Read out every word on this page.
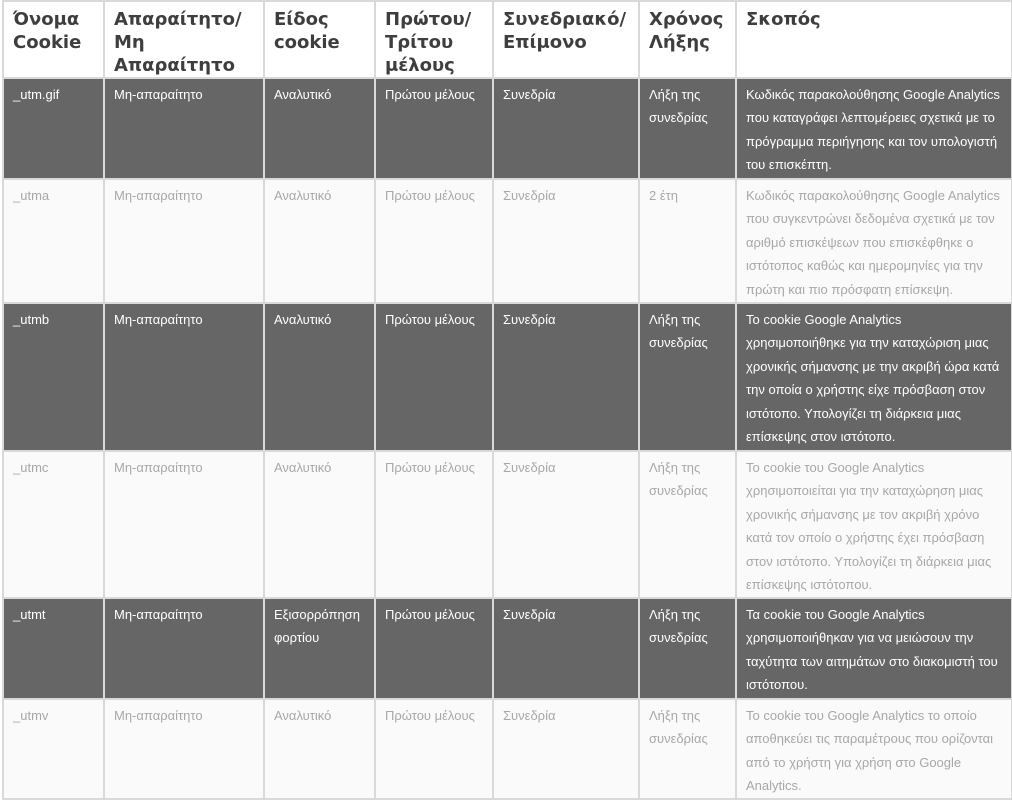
Όνομα Cookie	Απαραίτητο/ Μη Απαραίτητο	Είδος cookie	Πρώτου/ Τρίτου μέλους	Συνεδριακό/ Επίμονο	Χρόνος Λήξης	Σκοπός
_utm.gif	Μη-απαραίτητο	Αναλυτικό	Πρώτου μέλους	Συνεδρία	Λήξη της συνεδρίας	Κωδικός παρακολούθησης Google Analytics που καταγράφει λεπτομέρειες σχετικά με το πρόγραμμα περιήγησης και τον υπολογιστή του επισκέπτη.
_utma	Μη-απαραίτητο	Αναλυτικό	Πρώτου μέλους	Συνεδρία	2 έτη	Κωδικός παρακολούθησης Google Analytics που συγκεντρώνει δεδομένα σχετικά με τον αριθμό επισκέψεων που επισκέφθηκε ο ιστότοπος καθώς και ημερομηνίες για την πρώτη και πιο πρόσφατη επίσκεψη.
_utmb	Μη-απαραίτητο	Αναλυτικό	Πρώτου μέλους	Συνεδρία	Λήξη της συνεδρίας	Το cookie Google Analytics χρησιμοποιήθηκε για την καταχώριση μιας χρονικής σήμανσης με την ακριβή ώρα κατά την οποία ο χρήστης είχε πρόσβαση στον ιστότοπο. Υπολογίζει τη διάρκεια μιας επίσκεψης στον ιστότοπο.
_utmc	Μη-απαραίτητο	Αναλυτικό	Πρώτου μέλους	Συνεδρία	Λήξη της συνεδρίας	Το cookie του Google Analytics χρησιμοποιείται για την καταχώρηση μιας χρονικής σήμανσης με τον ακριβή χρόνο κατά τον οποίο ο χρήστης έχει πρόσβαση στον ιστότοπο. Υπολογίζει τη διάρκεια μιας επίσκεψης ιστότοπου.
_utmt	Μη-απαραίτητο	Εξισορρόπηση φορτίου	Πρώτου μέλους	Συνεδρία	Λήξη της συνεδρίας	Τα cookie του Google Analytics χρησιμοποιήθηκαν για να μειώσουν την ταχύτητα των αιτημάτων στο διακομιστή του ιστότοπου.
_utmv	Μη-απαραίτητο	Αναλυτικό	Πρώτου μέλους	Συνεδρία	Λήξη της συνεδρίας	Το cookie του Google Analytics το οποίο αποθηκεύει τις παραμέτρους που ορίζονται από το χρήστη για χρήση στο Google Analytics.
